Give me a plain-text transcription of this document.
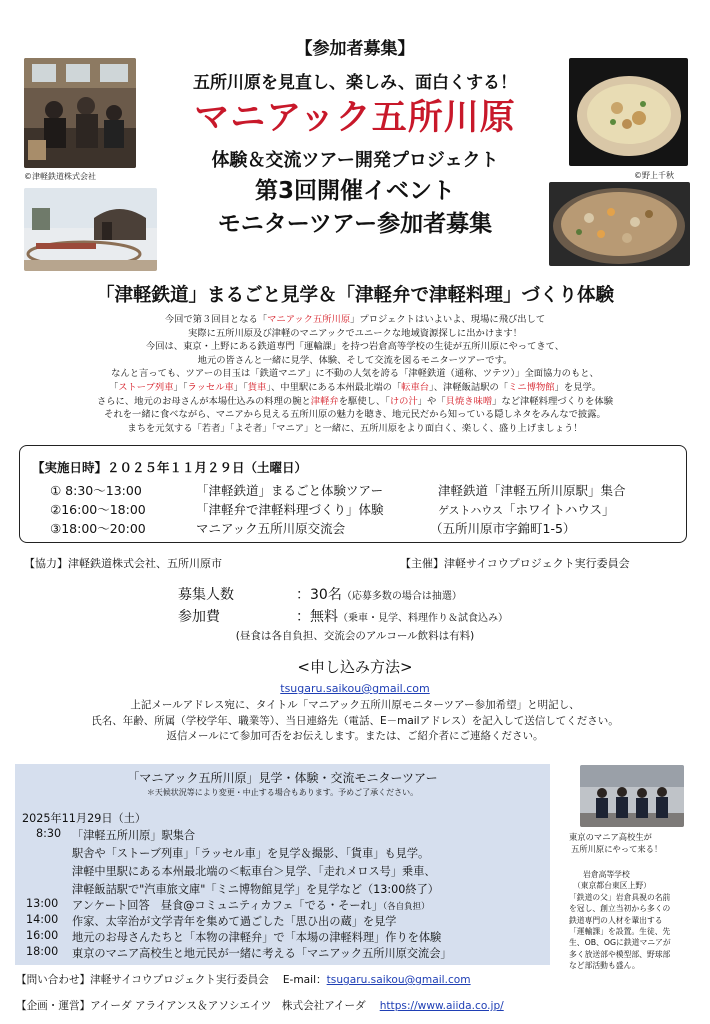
©津軽鉄道株式会社	©野上千秋
【参加者募集】
五所川原を見直し、楽しみ、面白くする！
マニアック五所川原
体験＆交流ツアー開発プロジェクト
第3回開催イベント
モニターツアー参加者募集
「津軽鉄道」まるごと見学＆「津軽弁で津軽料理」づくり体験
今回で第３回目となる「マニアック五所川原」プロジェクトはいよいよ、現場に飛び出して
実際に五所川原及び津軽のマニアックでユニークな地域資源探しに出かけます！
今回は、東京・上野にある鉄道専門「運輸課」を持つ岩倉高等学校の生徒が五所川原にやってきて、
地元の皆さんと一緒に見学、体験、そして交流を図るモニターツアーです。
なんと言っても、ツアーの目玉は「鉄道マニア」に不動の人気を誇る「津軽鉄道（通称、ツテツ）」全面協力のもと、
「ストーブ列車」「ラッセル車」「貨車」、中里駅にある本州最北端の「転車台」、津軽飯詰駅の「ミニ博物館」を見学。
さらに、地元のお母さんが本場仕込みの料理の腕と津軽弁を駆使し、「けの汁」や「貝焼き味噌」など津軽料理づくりを体験
それを一緒に食べながら、マニアから見える五所川原の魅力を聴き、地元民だから知っている隠しネタをみんなで披露。
まちを元気する「若者」「よそ者」「マニア」と一緒に、五所川原をより面白く、楽しく、盛り上げましょう！
【実施日時】２０２５年１１月２９日（土曜日）
① 8:30～13:00	「津軽鉄道」まるごと体験ツアー	津軽鉄道「津軽五所川原駅」集合
②16:00～18:00	「津軽弁で津軽料理づくり」体験	ゲストハウス「ホワイトハウス」
③18:00～20:00	マニアック五所川原交流会	（五所川原市字錦町1-5）
【協力】津軽鉄道株式会社、五所川原市	【主催】津軽サイコウプロジェクト実行委員会
募集人数	：30名（応募多数の場合は抽選）
参加費	：無料（乗車・見学、料理作り＆試食込み）
(昼食は各自負担、交流会のアルコール飲料は有料)
<申し込み方法>
tsugaru.saikou@gmail.com
上記メールアドレス宛に、タイトル「マニアック五所川原モニターツアー参加希望」と明記し、
氏名、年齢、所属（学校学年、職業等）、当日連絡先（電話、E－mailアドレス）を記入して送信してください。
返信メールにて参加可否をお伝えします。または、ご紹介者にご連絡ください。
「マニアック五所川原」見学・体験・交流モニターツアー
＊天候状況等により変更・中止する場合もあります。予めご了承ください。
2025年11月29日（土）
8:30 「津軽五所川原」駅集合
駅舎や「ストーブ列車」「ラッセル車」を見学＆撮影、「貨車」も見学。
津軽中里駅にある本州最北端の＜転車台＞見学、「走れメロス号」乗車、
津軽飯詰駅で"汽車旅文庫"「ミニ博物館見学」を見学など（13:00終了）
13:00 アンケート回答　昼食@コミュニティカフェ「でる・そーれ」（各自負担）
14:00 作家、太宰治が文学青年を集めて過ごした「思ひ出の蔵」を見学
16:00 地元のお母さんたちと「本物の津軽弁」で「本場の津軽料理」作りを体験
18:00 東京のマニア高校生と地元民が一緒に考える「マニアック五所川原交流会」
東京のマニア高校生が
五所川原にやって来る！
岩倉高等学校
（東京都台東区上野）
「鉄道の父」岩倉具視の名前
を冠し、創立当初から多くの
鉄道専門の人材を輩出する
「運輸課」を設置。生徒、先
生、OB、OGに鉄道マニアが
多く放送部や模型部、野球部
など部活動も盛ん。
【問い合わせ】津軽サイコウプロジェクト実行委員会　 E-mail：tsugaru.saikou@gmail.com
【企画・運営】アイーダ アライアンス＆アソシエイツ　株式会社アイーダ https://www.aiida.co.jp/
